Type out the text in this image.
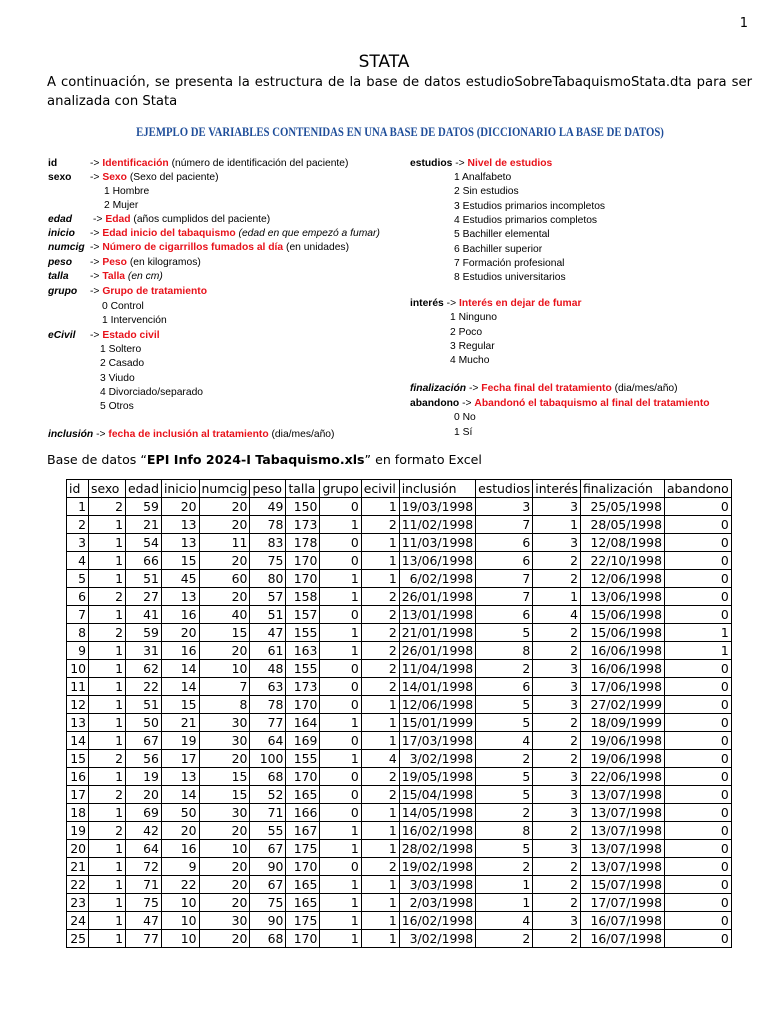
1
STATA
A continuación, se presenta la estructura de la base de datos estudioSobreTabaquismoStata.dta para ser analizada con Stata
EJEMPLO DE VARIABLES CONTENIDAS EN UNA BASE DE DATOS (DICCIONARIO LA BASE DE DATOS)
id	-> Identificación (número de identificación del paciente)
sexo -> Sexo (Sexo del paciente)
1 Hombre
2 Mujer
edad -> Edad (años cumplidos del paciente)
inicio -> Edad inicio del tabaquismo (edad en que empezó a fumar)
numcig -> Número de cigarrillos fumados al día (en unidades)
peso -> Peso (en kilogramos)
talla -> Talla (en cm)
grupo -> Grupo de tratamiento
0 Control
1 Intervención
eCivil -> Estado civil
1 Soltero
2 Casado
3 Viudo
4 Divorciado/separado
5 Otros
inclusión -> fecha de inclusión al tratamiento (dia/mes/año)
estudios -> Nivel de estudios
1 Analfabeto
2 Sin estudios
3 Estudios primarios incompletos
4 Estudios primarios completos
5 Bachiller elemental
6 Bachiller superior
7 Formación profesional
8 Estudios universitarios
interés -> Interés en dejar de fumar
1 Ninguno
2 Poco
3 Regular
4 Mucho
finalización -> Fecha final del tratamiento (dia/mes/año)
abandono -> Abandonó el tabaquismo al final del tratamiento
0 No
1 Sí
Base de datos “EPI Info 2024-I Tabaquismo.xls” en formato Excel
id	sexo	edad	inicio	numcig	peso	talla	grupo	ecivil	inclusión	estudios	interés	finalización	abandono
1	2	59	20	20	49	150	0	1	19/03/1998	3	3	25/05/1998	0
2	1	21	13	20	78	173	1	2	11/02/1998	7	1	28/05/1998	0
3	1	54	13	11	83	178	0	1	11/03/1998	6	3	12/08/1998	0
4	1	66	15	20	75	170	0	1	13/06/1998	6	2	22/10/1998	0
5	1	51	45	60	80	170	1	1	6/02/1998	7	2	12/06/1998	0
6	2	27	13	20	57	158	1	2	26/01/1998	7	1	13/06/1998	0
7	1	41	16	40	51	157	0	2	13/01/1998	6	4	15/06/1998	0
8	2	59	20	15	47	155	1	2	21/01/1998	5	2	15/06/1998	1
9	1	31	16	20	61	163	1	2	26/01/1998	8	2	16/06/1998	1
10	1	62	14	10	48	155	0	2	11/04/1998	2	3	16/06/1998	0
11	1	22	14	7	63	173	0	2	14/01/1998	6	3	17/06/1998	0
12	1	51	15	8	78	170	0	1	12/06/1998	5	3	27/02/1999	0
13	1	50	21	30	77	164	1	1	15/01/1999	5	2	18/09/1999	0
14	1	67	19	30	64	169	0	1	17/03/1998	4	2	19/06/1998	0
15	2	56	17	20	100	155	1	4	3/02/1998	2	2	19/06/1998	0
16	1	19	13	15	68	170	0	2	19/05/1998	5	3	22/06/1998	0
17	2	20	14	15	52	165	0	2	15/04/1998	5	3	13/07/1998	0
18	1	69	50	30	71	166	0	1	14/05/1998	2	3	13/07/1998	0
19	2	42	20	20	55	167	1	1	16/02/1998	8	2	13/07/1998	0
20	1	64	16	10	67	175	1	1	28/02/1998	5	3	13/07/1998	0
21	1	72	9	20	90	170	0	2	19/02/1998	2	2	13/07/1998	0
22	1	71	22	20	67	165	1	1	3/03/1998	1	2	15/07/1998	0
23	1	75	10	20	75	165	1	1	2/03/1998	1	2	17/07/1998	0
24	1	47	10	30	90	175	1	1	16/02/1998	4	3	16/07/1998	0
25	1	77	10	20	68	170	1	1	3/02/1998	2	2	16/07/1998	0
